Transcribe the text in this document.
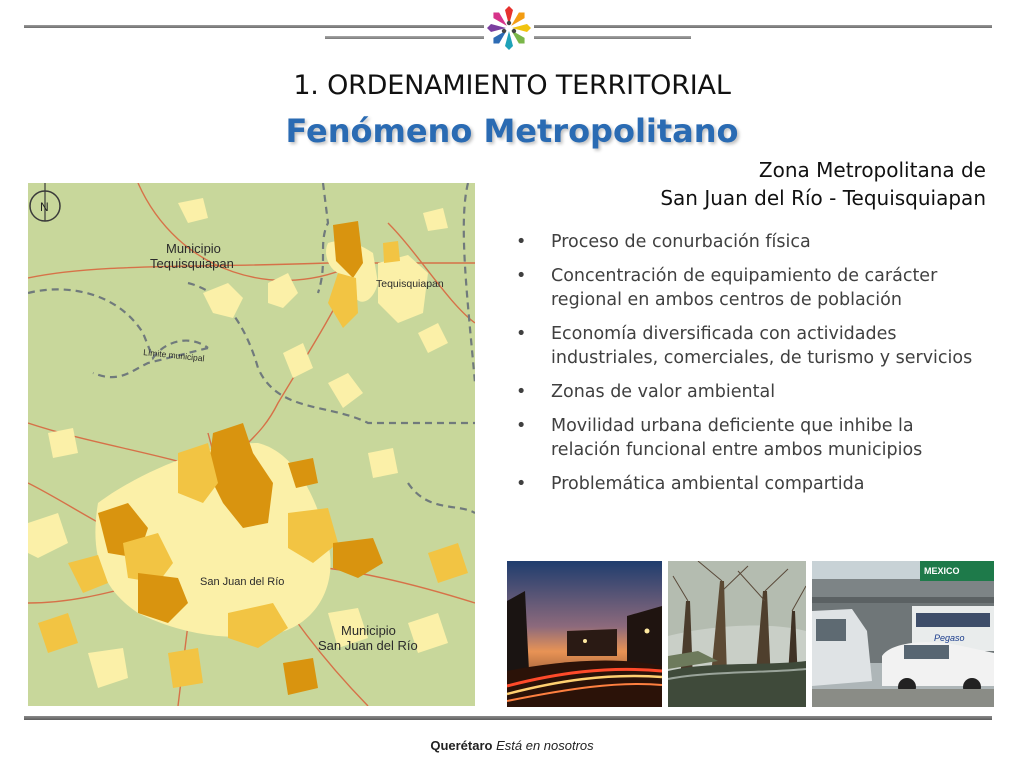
1. ORDENAMIENTO TERRITORIAL
Fenómeno Metropolitano
Zona Metropolitana de
San Juan del Río - Tequisquiapan
N
Municipio
Tequisquiapan
Tequisquiapan
Límite municipal
San Juan del Río
Municipio
San Juan del Río
• Proceso de conurbación física
• Concentración de equipamiento de carácter regional en ambos centros de población
• Economía diversificada con actividades industriales, comerciales, de turismo y servicios
• Zonas de valor ambiental
• Movilidad urbana deficiente que inhibe la relación funcional entre ambos municipios
• Problemática ambiental compartida
MEXICO
Pegaso
Querétaro Está en nosotros
